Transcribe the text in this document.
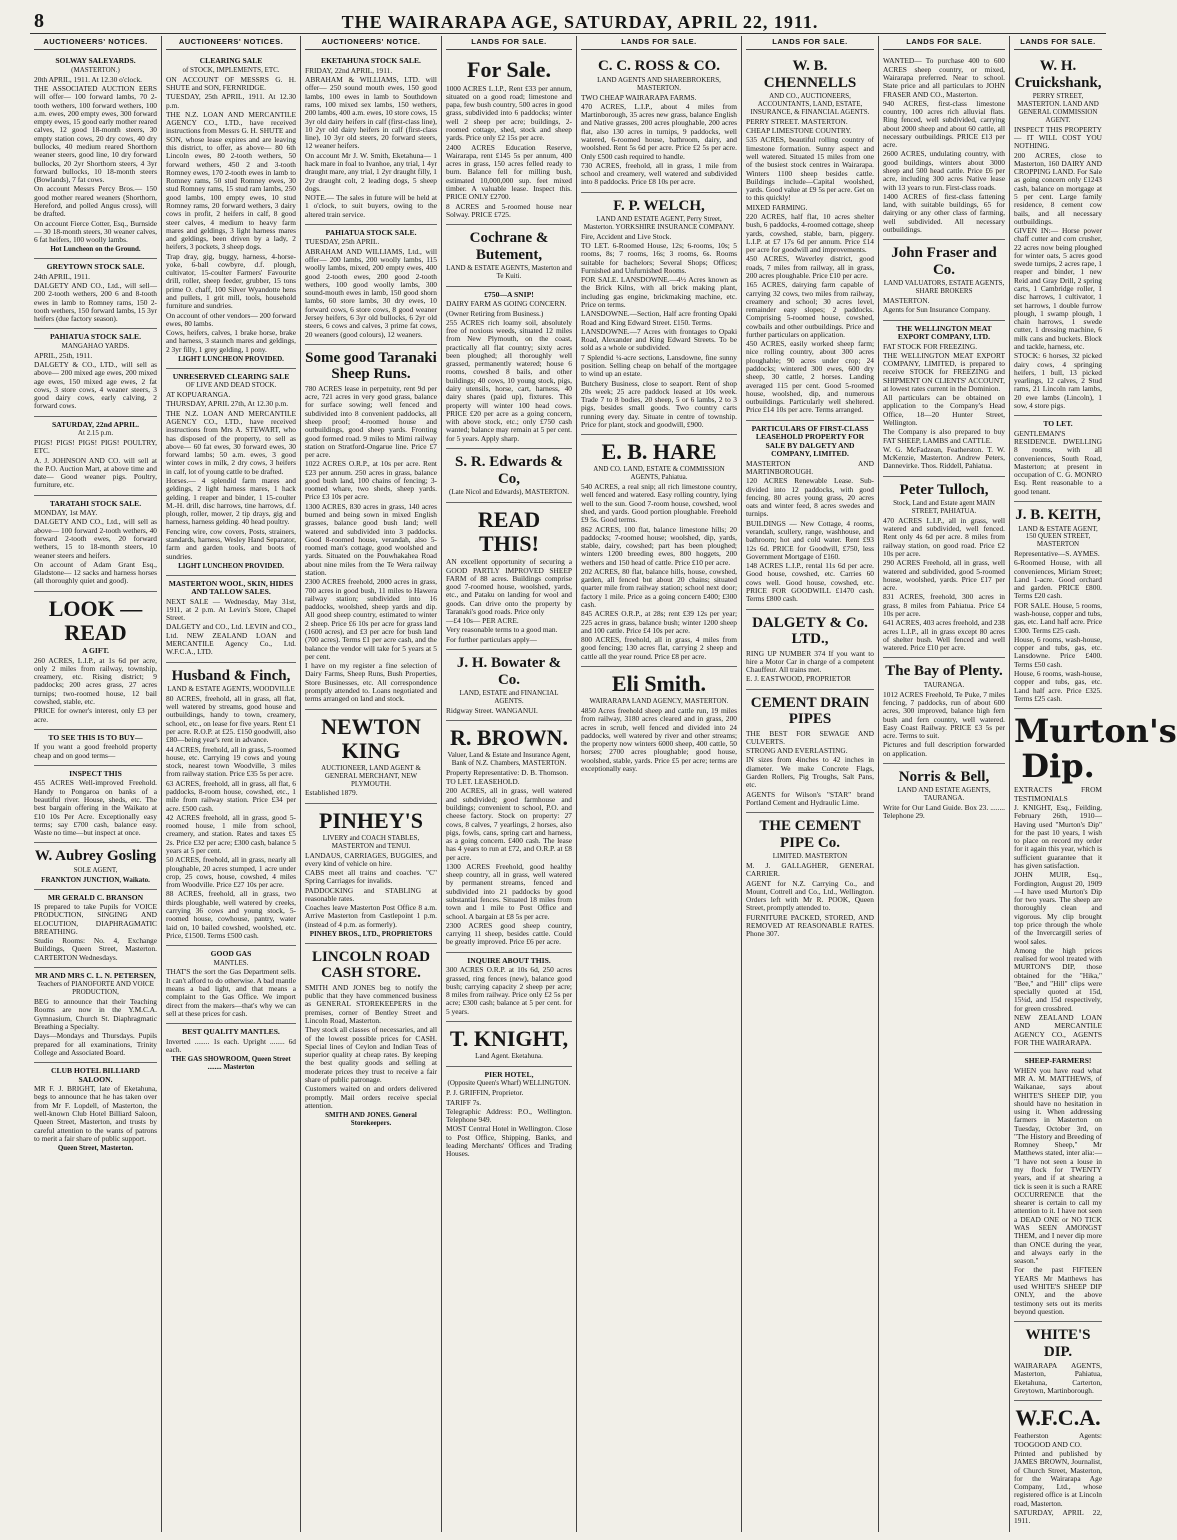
8	THE WAIRARAPA AGE, SATURDAY, APRIL 22, 1911.
AUCTIONEERS' NOTICES.
SOLWAY SALEYARDS.
(MASTERTON.)
20th APRIL, 1911. At 12.30 o'clock.
THE ASSOCIATED AUCTION EERS will offer— 100 forward lambs, 70 2-tooth wethers, 100 forward wethers, 100 a.m. ewes, 200 empty ewes, 300 forward empty ewes, 15 good early mother reared calves, 12 good 18-month steers, 30 empty station cows, 20 dry cows, 40 dry bullocks, 40 medium reared Shorthorn weaner steers, good line, 10 dry forward bullocks, 20 2yr Shorthorn steers, 4 3yr forward bullocks, 10 18-month steers (Bowlands), 7 fat cows.
On account Messrs Percy Bros.— 150 good mother reared weaners (Shorthorn, Hereford, and polled Angus cross), will be drafted.
On account Fierce Cotter, Esq., Burnside— 30 18-month steers, 30 weaner calves, 6 fat heifers, 100 woolly lambs.
Hot Luncheon on the Ground.
GREYTOWN STOCK SALE.
24th APRIL, 1911.
DALGETY AND CO., Ltd., will sell— 200 2-tooth wethers, 200 6 and 8-tooth ewes in lamb to Romney rams, 150 2-tooth wethers, 150 forward lambs, 15 3yr heifers (due factory season).
PAHIATUA STOCK SALE.
MANGAHAO YARDS.
APRIL, 25th, 1911.
DALGETY & CO., LTD., will sell as above— 200 mixed age ewes, 200 mixed age ewes, 150 mixed age ewes, 2 fat cows, 3 store cows, 4 weaner steers, 3 good dairy cows, early calving, 2 forward cows.
SATURDAY, 22nd APRIL.
At 2.15 p.m.
PIGS! PIGS! PIGS! PIGS! POULTRY, ETC.
A. J. JOHNSON AND CO. will sell at the P.O. Auction Mart, at above time and date— Good weaner pigs. Poultry, furniture, etc.
TARATAHI STOCK SALE.
MONDAY, 1st MAY.
DALGETY AND CO., Ltd., will sell as above— 100 forward 2-tooth wethers, 40 forward 2-tooth ewes, 20 forward wethers, 15 to 18-month steers, 10 weaner steers and heifers.
On account of Adam Grant Esq., Gladstone— 12 sacks and harness horses (all thoroughly quiet and good).
LOOK — READ
A GIFT.
260 ACRES, L.I.P., at 1s 6d per acre, only 2 miles from railway, township, creamery, etc. Rising district; 9 paddocks; 200 acres grass, 27 acres turnips; two-roomed house, 12 bail cowshed, stable, etc.
PRICE for owner's interest, only £3 per acre.
TO SEE THIS IS TO BUY—
If you want a good freehold property cheap and on good terms—
INSPECT THIS
455 ACRES Well-improved Freehold. Handy to Pongaroa on banks of a beautiful river. House, sheds, etc. The best bargain offering in the Waikato at £10 10s Per Acre. Exceptionally easy terms; say £700 cash, balance easy. Waste no time—but inspect at once.
W. Aubrey Gosling
SOLE AGENT,
FRANKTON JUNCTION, Waikato.
MR GERALD C. BRANSON
IS prepared to take Pupils for VOICE PRODUCTION, SINGING AND ELOCUTION, DIAPHRAGMATIC BREATHING.
Studio Rooms: No. 4, Exchange Buildings, Queen Street, Masterton. CARTERTON Wednesdays.
MR AND MRS C. L. N. PETERSEN,
Teachers of PIANOFORTE AND VOICE PRODUCTION,
BEG to announce that their Teaching Rooms are now in the Y.M.C.A. Gymnasium, Church St. Diaphragmatic Breathing a Specialty.
Days—Mondays and Thursdays. Pupils prepared for all examinations, Trinity College and Associated Board.
CLUB HOTEL BILLIARD SALOON.
MR F. J. BRIGHT, late of Eketahuna, begs to announce that he has taken over from Mr F. Lopdell, of Masterton, the well-known Club Hotel Billiard Saloon, Queen Street, Masterton, and trusts by careful attention to the wants of patrons to merit a fair share of public support.
Queen Street, Masterton.
AUCTIONEERS' NOTICES.
CLEARING SALE
of STOCK, IMPLEMENTS, ETC.
ON ACCOUNT OF MESSRS G. H. SHUTE and SON, FERNRIDGE.
TUESDAY, 25th APRIL, 1911. At 12.30 p.m.
THE N.Z. LOAN AND MERCANTILE AGENCY CO., LTD., have received instructions from Messrs G. H. SHUTE and SON, whose lease expires and are leaving this district, to offer, as above— 80 6th Lincoln ewes, 80 2-tooth wethers, 50 forward wethers, 450 2 and 3-tooth Romney ewes, 170 2-tooth ewes in lamb to Romney rams, 50 stud Romney ewes, 30 stud Romney rams, 15 stud ram lambs, 250 good lambs, 100 empty ewes, 10 stud Romney rams, 20 forward wethers, 3 dairy cows in profit, 2 heifers in calf, 8 good steer calves, 4 medium to heavy farm mares and geldings, 3 light harness mares and geldings, been driven by a lady, 2 heifers, 3 pockets, 3 sheep dogs.
Trap dray, gig, buggy, harness, 4-horse-yoke, 6-ball cowbyre, d.f. plough, cultivator, 15-coulter Farmers' Favourite drill, roller, sheep feeder, grubber, 15 tons prime O. chaff, 100 Silver Wyandotte hens and pullets, 1 grit mill, tools, household furniture and sundries.
On account of other vendors— 200 forward ewes, 80 lambs.
Cows, heifers, calves, 1 brake horse, brake and harness, 3 staunch mares and geldings, 2 3yr filly, 1 grey gelding, 1 pony.
LIGHT LUNCHEON PROVIDED.
UNRESERVED CLEARING SALE
OF LIVE AND DEAD STOCK.
AT KOPUARANGA.
THURSDAY, APRIL 27th, At 12.30 p.m.
THE N.Z. LOAN AND MERCANTILE AGENCY CO., LTD., have received instructions from Mrs A. STEWART, who has disposed of the property, to sell as above— 60 fat ewes, 30 forward ewes, 30 forward lambs; 50 a.m. ewes, 3 good winter cows in milk, 2 dry cows, 3 heifers in calf, lot of young cattle to be drafted.
Horses.— 4 splendid farm mares and geldings, 2 light harness mares, 1 hack gelding, 1 reaper and binder, 1 15-coulter M.-H. drill, disc harrows, tine harrows, d.f. plough, roller, mower, 2 tip drays, gig and harness, harness gelding. 40 head poultry.
Fencing wire, cow covers, Posts, strainers, standards, harness, Wesley Hand Separator, farm and garden tools, and boots of sundries.
LIGHT LUNCHEON PROVIDED.
MASTERTON WOOL, SKIN, HIDES AND TALLOW SALES.
NEXT SALE — Wednesday, May 31st, 1911, at 2 p.m. At Levin's Store, Chapel Street.
DALGETY and CO., Ltd. LEVIN and CO., Ltd. NEW ZEALAND LOAN and MERCANTILE Agency Co., Ltd. W.F.C.A., LTD.
Husband & Finch,
LAND & ESTATE AGENTS, WOODVILLE
80 ACRES, freehold, all in grass, all flat, well watered by streams, good house and outbuildings, handy to town, creamery, school, etc., on lease for five years. Rent £1 per acre. R.O.P. at £25. £150 goodwill, also £80—being year's rent in advance.
44 ACRES, freehold, all in grass, 5-roomed house, etc. Carrying 19 cows and young stock, nearest town Woodville, 3 miles from railway station. Price £35 5s per acre.
63 ACRES, freehold, all in grass, all flat, 6 paddocks, 8-room house, cowshed, etc., 1 mile from railway station. Price £34 per acre. £500 cash.
42 ACRES freehold, all in grass, good 5-roomed house, 1 mile from school, creamery, and station. Rates and taxes £5 2s. Price £32 per acre; £300 cash, balance 5 years at 5 per cent.
50 ACRES, freehold, all in grass, nearly all ploughable, 20 acres stumped, 1 acre under crop, 25 cows, house, cowshed, 4 miles from Woodville. Price £27 10s per acre.
88 ACRES, freehold, all in grass, two thirds ploughable, well watered by creeks, carrying 36 cows and young stock, 5-roomed house, cowhouse, pantry, water laid on, 10 bailed cowshed, woolshed, etc. Price, £1500. Terms £500 cash.
GOOD GAS
MANTLES.
THAT'S the sort the Gas Department sells. It can't afford to do otherwise. A bad mantle means a bad light, and that means a complaint to the Gas Office. We import direct from the makers—that's why we can sell at these prices for cash.
BEST QUALITY MANTLES.
Inverted ........ 1s each. Upright ........ 6d each.
THE GAS SHOWROOM, Queen Street ........ Masterton
AUCTIONEERS' NOTICE.
EKETAHUNA STOCK SALE.
FRIDAY, 22nd APRIL, 1911.
ABRAHAM & WILLIAMS, LTD. will offer— 250 sound mouth ewes, 150 good lambs, 100 ewes in lamb to Southdown rams, 100 mixed sex lambs, 150 wethers, 200 lambs, 400 a.m. ewes, 10 store cows, 15 3yr old dairy heifers in calf (first-class line), 10 2yr old dairy heifers in calf (first-class line), 10 3yr old steers, 20 forward steers, 12 weaner heifers.
On account Mr J. W. Smith, Eketahuna— 1 hack mare in foal to Ivanhoe, any trial, 1 4yr draught mare, any trial, 1 2yr draught filly, 1 2yr draught colt, 2 leading dogs, 5 sheep dogs.
NOTE.— The sales in future will be held at 1 o'clock, to suit buyers, owing to the altered train service.
PAHIATUA STOCK SALE.
TUESDAY, 25th APRIL.
ABRAHAM AND WILLIAMS, Ltd., will offer— 200 lambs, 200 woolly lambs, 115 woolly lambs, mixed, 200 empty ewes, 400 good 2-tooth ewes, 200 good 2-tooth wethers, 100 good woolly lambs, 300 sound-mouth ewes in lamb, 150 good shorn lambs, 60 store lambs, 30 dry ewes, 10 forward cows, 6 store cows, 8 good weaner Jersey heifers, 6 3yr old bullocks, 6 2yr old steers, 6 cows and calves, 3 prime fat cows, 20 weaners (good colours), 12 weaners.
Some good Taranaki Sheep Runs.
780 ACRES lease in perpetuity, rent 9d per acre, 721 acres in very good grass, balance for surface sowing; well fenced and subdivided into 8 convenient paddocks, all sheep proof; 4-roomed house and outbuildings, good sheep yards. Fronting good formed road. 9 miles to Mimi railway station on Stratford-Ongarue line. Price £7 per acre.
1022 ACRES O.R.P., at 10s per acre. Rent £23 per annum. 250 acres in grass, balance good bush land, 100 chains of fencing; 3-roomed whare, two sheds, sheep yards. Price £3 10s per acre.
1300 ACRES, 830 acres in grass, 140 acres burned and being sown in mixed English grasses, balance good bush land; well watered and subdivided into 3 paddocks. Good 8-roomed house, verandah, also 5-roomed man's cottage, good woolshed and yards. Situated on the Pouwhakahea Road about nine miles from the Te Wera railway station.
2300 ACRES freehold, 2000 acres in grass, 700 acres in good bush, 11 miles to Hawera railway station; subdivided into 16 paddocks, woolshed, sheep yards and dip. All good sheep country, estimated to winter 2 sheep. Price £6 10s per acre for grass land (1600 acres), and £3 per acre for bush land (700 acres). Terms £1 per acre cash, and the balance the vendor will take for 5 years at 5 per cent.
I have on my register a fine selection of Dairy Farms, Sheep Runs, Bush Properties, Store Businesses, etc. All correspondence promptly attended to. Loans negotiated and terms arranged on land and stock.
NEWTON KING
AUCTIONEER, LAND AGENT & GENERAL MERCHANT, NEW PLYMOUTH.
Established 1879.
PINHEY'S
LIVERY and COACH STABLES, MASTERTON and TENUI.
LANDAUS, CARRIAGES, BUGGIES, and every kind of vehicle on hire.
CABS meet all trains and coaches. "C" Spring Carriages for invalids.
PADDOCKING and STABLING at reasonable rates.
Coaches leave Masterton Post Office 8 a.m. Arrive Masterton from Castlepoint 1 p.m. (instead of 4 p.m. as formerly).
PINHEY BROS., LTD., PROPRIETORS
LINCOLN ROAD CASH STORE.
SMITH AND JONES beg to notify the public that they have commenced business as GENERAL STOREKEEPERS in the premises, corner of Bentley Street and Lincoln Road, Masterton.
They stock all classes of necessaries, and all of the lowest possible prices for CASH. Special lines of Ceylon and Indian Teas of superior quality at cheap rates. By keeping the best quality goods and selling at moderate prices they trust to receive a fair share of public patronage.
Customers waited on and orders delivered promptly. Mail orders receive special attention.
SMITH AND JONES. General Storekeepers.
LANDS FOR SALE.
For Sale.
1000 ACRES L.I.P., Rent £33 per annum, situated on a good road; limestone and papa, few bush country, 500 acres in good grass, subdivided into 6 paddocks; winter well 2 sheep per acre; buildings, 2-roomed cottage, shed, stock and sheep yards. Price only £2 15s per acre.
2400 ACRES Education Reserve, Wairarapa, rent £145 5s per annum, 400 acres in grass, 150 acres felled ready to burn. Balance fell for milling bush, estimated 10,000,000 sup. feet mixed timber. A valuable lease. Inspect this. PRICE ONLY £2700.
8 ACRES and 5-roomed house near Solway. PRICE £725.
Cochrane & Butement,
LAND & ESTATE AGENTS, Masterton and Te Kuiti.
£750—A SNIP!
DAIRY FARM AS GOING CONCERN.
(Owner Retiring from Business.)
255 ACRES rich loamy soil, absolutely free of noxious weeds, situated 12 miles from New Plymouth, on the coast, practically all flat country; sixty acres been ploughed; all thoroughly well grassed, permanently watered; house 6 rooms, cowshed 8 bails, and other buildings; 40 cows, 10 young stock, pigs, dairy utensils, horse, cart, harness, 40 dairy shares (paid up), fixtures. This property will winter 100 head cows. PRICE £20 per acre as a going concern, with above stock, etc.; only £750 cash wanted; balance may remain at 5 per cent. for 5 years. Apply sharp.
S. R. Edwards & Co,
(Late Nicol and Edwards), MASTERTON.
READ THIS!
AN excellent opportunity of securing a GOOD PARTLY IMPROVED SHEEP FARM of 88 acres. Buildings comprise good 7-roomed house, woolshed, yards, etc., and Pataku on landing for wool and goods. Can drive onto the property by Taranaki's good roads. Price only
—£4 10s— PER ACRE.
Very reasonable terms to a good man.
For further particulars apply—
J. H. Bowater & Co.
LAND, ESTATE and FINANCIAL AGENTS.
Ridgway Street. WANGANUI.
R. BROWN.
Valuer, Land & Estate and Insurance Agent, Bank of N.Z. Chambers, MASTERTON.
Property Representative: D. B. Thomson.
TO LET. LEASEHOLD.
200 ACRES, all in grass, well watered and subdivided; good farmhouse and buildings; convenient to school, P.O. and cheese factory. Stock on property: 27 cows, 8 calves, 7 yearlings, 2 horses, also pigs, fowls, cans, spring cart and harness, as a going concern. £400 cash. The lease has 4 years to run at £72, and O.R.P. at £8 per acre.
1300 ACRES Freehold, good healthy sheep country, all in grass, well watered by permanent streams, fenced and subdivided into 21 paddocks by good substantial fences. Situated 18 miles from town and 1 mile to Post Office and school. A bargain at £8 5s per acre.
2300 ACRES good sheep country, carrying 11 sheep, besides cattle. Could be greatly improved. Price £6 per acre.
INQUIRE ABOUT THIS.
300 ACRES O.R.P. at 10s 6d, 250 acres grassed, ring fences (new), balance good bush; carrying capacity 2 sheep per acre; 8 miles from railway. Price only £2 5s per acre; £300 cash; balance at 5 per cent. for 5 years.
T. KNIGHT,
Land Agent. Eketahuna.
PIER HOTEL,
(Opposite Queen's Wharf) WELLINGTON.
P. J. GRIFFIN, Proprietor.
TARIFF 7s.
Telegraphic Address: P.O., Wellington. Telephone 949.
MOST Central Hotel in Wellington. Close to Post Office, Shipping, Banks, and leading Merchants' Offices and Trading Houses.
LANDS FOR SALE.
C. C. ROSS & CO.
LAND AGENTS AND SHAREBROKERS, MASTERTON.
TWO CHEAP WAIRARAPA FARMS.
470 ACRES, L.I.P., about 4 miles from Martinborough, 35 acres new grass, balance English and Native grasses, 200 acres ploughable, 200 acres flat, also 130 acres in turnips, 9 paddocks, well watered, 6-roomed house, bathroom, dairy, and woolshed. Rent 5s 6d per acre. Price £2 5s per acre. Only £500 cash required to handle.
730 ACRES, freehold, all in grass, 1 mile from school and creamery, well watered and subdivided into 8 paddocks. Price £8 10s per acre.
F. P. WELCH,
LAND AND ESTATE AGENT, Perry Street, Masterton. YORKSHIRE INSURANCE COMPANY.
Fire, Accident and Live Stock.
TO LET. 6-Roomed House, 12s; 6-rooms, 10s; 5 rooms, 8s; 7 rooms, 16s; 3 rooms, 6s. Rooms suitable for bachelors; Several Shops; Offices; Furnished and Unfurnished Rooms.
FOR SALE. LANSDOWNE.—4½ Acres known as the Brick Kilns, with all brick making plant, including gas engine, brickmaking machine, etc. Price on terms.
LANSDOWNE.—Section, Half acre fronting Opaki Road and King Edward Street. £150. Terms.
LANSDOWNE.—7 Acres with frontages to Opaki Road, Alexander and King Edward Streets. To be sold as a whole or subdivided.
7 Splendid ¼-acre sections, Lansdowne, fine sunny position. Selling cheap on behalf of the mortgagee to wind up an estate.
Butchery Business, close to seaport. Rent of shop 20s week; 25 acre paddock leased at 10s week. Trade 7 to 8 bodies, 20 sheep, 5 or 6 lambs, 2 to 3 pigs, besides small goods. Two country carts running every day. Situate in centre of township. Price for plant, stock and goodwill, £900.
E. B. HARE
AND CO. LAND, ESTATE & COMMISSION AGENTS, Pahiatua.
540 ACRES, a real snip; all rich limestone country, well fenced and watered. Easy rolling country, lying well to the sun. Good 7-room house, cowshed, wool shed, and yards. Good portion ploughable. Freehold £9 5s. Good terms.
862 ACRES, 100 flat, balance limestone hills; 20 paddocks; 7-roomed house; woolshed, dip, yards, stable, dairy, cowshed; part has been ploughed; winters 1200 breeding ewes, 800 hoggets, 200 wethers and 150 head of cattle. Price £10 per acre.
202 ACRES, 80 flat, balance hills, house, cowshed, garden, all fenced but about 20 chains; situated quarter mile from railway station; school next door; factory 1 mile. Price as a going concern £400; £300 cash.
845 ACRES O.R.P., at 28s; rent £39 12s per year; 225 acres in grass, balance bush; winter 1200 sheep and 100 cattle. Price £4 10s per acre.
800 ACRES, freehold, all in grass, 4 miles from good fencing; 130 acres flat, carrying 2 sheep and cattle all the year round. Price £8 per acre.
Eli Smith.
WAIRARAPA LAND AGENCY, MASTERTON.
4850 Acres freehold sheep and cattle run, 19 miles from railway, 3180 acres cleared and in grass, 200 acres in scrub, well fenced and divided into 24 paddocks, well watered by river and other streams; the property now winters 6000 sheep, 400 cattle, 50 horses; 2700 acres ploughable; good house, woolshed, stable, yards. Price £5 per acre; terms are exceptionally easy.
LANDS FOR SALE.
W. B. CHENNELLS
AND CO., AUCTIONEERS, ACCOUNTANTS, LAND, ESTATE, INSURANCE, & FINANCIAL AGENTS.
PERRY STREET. MASTERTON.
CHEAP LIMESTONE COUNTRY.
535 ACRES, beautiful rolling country of limestone formation. Sunny aspect and well watered. Situated 15 miles from one of the busiest stock centres in Wairarapa. Winters 1100 sheep besides cattle. Buildings include—Capital woolshed, yards. Good value at £9 5s per acre. Get on to this quickly!
MIXED FARMING.
220 ACRES, half flat, 10 acres shelter bush, 6 paddocks, 4-roomed cottage, sheep yards, cowshed, stable, barn, piggery. L.I.P. at £7 17s 6d per annum. Price £14 per acre for goodwill and improvements.
450 ACRES, Waverley district, good roads, 7 miles from railway, all in grass, 200 acres ploughable. Price £10 per acre.
165 ACRES, dairying farm capable of carrying 32 cows, two miles from railway, creamery and school; 30 acres level, remainder easy slopes; 2 paddocks. Comprising 5-roomed house, cowshed, cowbails and other outbuildings. Price and further particulars on application.
450 ACRES, easily worked sheep farm; nice rolling country, about 300 acres ploughable; 90 acres under crop; 24 paddocks; wintered 300 ewes, 600 dry sheep, 30 cattle, 2 horses. Landing averaged 115 per cent. Good 5-roomed house, woolshed, dip, and numerous outbuildings. Particularly well sheltered. Price £14 10s per acre. Terms arranged.
PARTICULARS OF FIRST-CLASS LEASEHOLD PROPERTY FOR SALE BY DALGETY AND COMPANY, LIMITED.
MASTERTON AND MARTINBOROUGH.
120 ACRES Renewable Lease. Sub-divided into 12 paddocks, with good fencing, 80 acres young grass, 20 acres oats and winter feed, 8 acres swedes and turnips.
BUILDINGS — New Cottage, 4 rooms, verandah, scullery, range, washhouse, and bathroom; hot and cold water. Rent £93 12s 6d. PRICE for Goodwill, £750, less Government Mortgage of £160.
148 ACRES L.I.P., rental 11s 6d per acre. Good house, cowshed, etc. Carries 60 cows well. Good house, cowshed, etc. PRICE FOR GOODWILL £1470 cash. Terms £800 cash.
DALGETY & Co. LTD.,
RING UP NUMBER 374 If you want to hire a Motor Car in charge of a competent Chauffeur. All trains met.
E. J. EASTWOOD, PROPRIETOR
CEMENT DRAIN PIPES
THE BEST FOR SEWAGE AND CULVERTS.
STRONG AND EVERLASTING.
IN sizes from 4inches to 42 inches in diameter. We make Concrete Flags, Garden Rollers, Pig Troughs, Salt Pans, etc.
AGENTS for Wilson's "STAR" brand Portland Cement and Hydraulic Lime.
THE CEMENT PIPE Co.
LIMITED. MASTERTON
M. J. GALLAGHER, GENERAL CARRIER.
AGENT for N.Z. Carrying Co., and Mount, Cottrell and Co., Ltd., Wellington. Orders left with Mr R. POOK, Queen Street, promptly attended to.
FURNITURE PACKED, STORED, AND REMOVED AT REASONABLE RATES. Phone 307.
LANDS FOR SALE.
WANTED— To purchase 400 to 600 ACRES sheep country, or mixed, Wairarapa preferred. Near to school. State price and all particulars to JOHN FRASER AND CO., Masterton.
940 ACRES, first-class limestone country, 100 acres rich alluvial flats. Ring fenced, well subdivided, carrying about 2000 sheep and about 60 cattle, all necessary outbuildings. PRICE £13 per acre.
2600 ACRES, undulating country, with good buildings, winters about 3000 sheep and 500 head cattle. Price £6 per acre, including 300 acres Native lease with 13 years to run. First-class roads.
1400 ACRES of first-class fattening land, with suitable buildings, 65 for dairying or any other class of farming, well subdivided. All necessary outbuildings.
John Fraser and Co.
LAND VALUATORS, ESTATE AGENTS, SHARE BROKERS
MASTERTON.
Agents for Sun Insurance Company.
THE WELLINGTON MEAT EXPORT COMPANY, LTD.
FAT STOCK FOR FREEZING.
THE WELLINGTON MEAT EXPORT COMPANY, LIMITED, is prepared to receive STOCK for FREEZING and SHIPMENT ON CLIENTS' ACCOUNT, at lowest rates current in the Dominion.
All particulars can be obtained on application to the Company's Head Office, 18—20 Hunter Street, Wellington.
The Company is also prepared to buy FAT SHEEP, LAMBS and CATTLE.
W. G. McFadzean, Featherston. T. W. McKenzie, Masterton. Andrew Peters, Dannevirke. Thos. Riddell, Pahiatua.
Peter Tulloch,
Stock, Land and Estate agent MAIN STREET, PAHIATUA.
470 ACRES L.I.P., all in grass, well watered and subdivided, well fenced. Rent only 4s 6d per acre. 8 miles from railway station, on good road. Price £2 10s per acre.
290 ACRES Freehold, all in grass, well watered and subdivided, good 5-roomed house, woolshed, yards. Price £17 per acre.
831 ACRES, freehold, 300 acres in grass, 8 miles from Pahiatua. Price £4 10s per acre.
641 ACRES, 403 acres freehold, and 238 acres L.I.P., all in grass except 80 acres of shelter bush. Well fenced and well watered. Price £10 per acre.
The Bay of Plenty.
TAURANGA.
1012 ACRES Freehold, Te Puke, 7 miles fencing, 7 paddocks, run of about 600 acres, 300 improved, balance high fern bush and fern country, well watered. Easy Coast Railway. PRICE £3 5s per acre. Terms to suit.
Pictures and full description forwarded on application.
Norris & Bell,
LAND AND ESTATE AGENTS, TAURANGA.
Write for Our Land Guide. Box 23. ........ Telephone 29.
LANDS FOR SALE.
W. H. Cruickshank,
PERRY STREET, MASTERTON. LAND AND GENERAL COMMISSION AGENT.
INSPECT THIS PROPERTY— IT WILL COST YOU NOTHING.
200 ACRES, close to Masterton, 160 DAIRY AND CROPPING LAND. For Sale as going concern only £1243 cash, balance on mortgage at 5 per cent. Large family residence, 8 cement cow bails, and all necessary outbuildings.
GIVEN IN:— Horse power chaff cutter and corn crusher, 22 acres now being ploughed for winter oats, 5 acres good swede turnips, 2 acres rape, 1 reaper and binder, 1 new Reid and Gray Drill, 2 spring carts, 1 Cambridge roller, 1 disc harrows, 1 cultivator, 1 set harrows, 1 double furrow plough, 1 swamp plough, 1 chain harrows, 1 swede cutter, 1 dressing machine, 6 milk cans and buckets. Block and tackle, harness, etc.
STOCK: 6 horses, 32 picked dairy cows, 4 springing heifers, 1 bull, 13 picked yearlings, 12 calves, 2 Stud rams, 21 Lincoln ram lambs, 20 ewe lambs (Lincoln), 1 sow, 4 store pigs.
TO LET.
GENTLEMAN'S RESIDENCE. DWELLING 8 rooms, with all conveniences, South Road, Masterton; at present in occupation of C. G. MONRO Esq. Rent reasonable to a good tenant.
J. B. KEITH,
LAND & ESTATE AGENT, 150 QUEEN STREET, MASTERTON
Representative—S. AYMES.
6-Roomed House, with all conveniences, Miriam Street; Land 1-acre. Good orchard and garden. PRICE £800. Terms £20 cash.
FOR SALE. House, 5 rooms, wash-house, copper and tubs, gas, etc. Land half acre. Price £300. Terms £25 cash.
House, 6 rooms, wash-house, copper and tubs, gas, etc. Lansdowne. Price £400. Terms £50 cash.
House, 6 rooms, wash-house, copper and tubs, gas, etc. Land half acre. Price £325. Terms £25 cash.
Murton's Dip.
EXTRACTS FROM TESTIMONIALS
J. KNIGHT, Esq., Feilding, February 26th, 1910—Having used "Murton's Dip" for the past 10 years, I wish to place on record my order for it again this year, which is sufficient guarantee that it has given satisfaction.
JOHN MUIR, Esq., Fordington, August 20, 1909—I have used Murton's Dip for two years. The sheep are thoroughly clean and vigorous. My clip brought top price through the whole of the Invercargill series of wool sales.
Among the high prices realised for wool treated with MURTON'S DIP, those obtained for the "Hika," "Bee," and "Hill" clips were specially quoted at 15d, 15¼d, and 15d respectively, for green crossbred.
NEW ZEALAND LOAN AND MERCANTILE AGENCY CO., AGENTS FOR THE WAIRARAPA.
SHEEP-FARMERS!
WHEN you have read what MR A. M. MATTHEWS, of Waikanae, says about WHITE'S SHEEP DIP, you should have no hesitation in using it. When addressing farmers in Masterton on Tuesday, October 3rd, on "The History and Breeding of Romney Sheep," Mr Matthews stated, inter alia:— "I have not seen a louse in my flock for TWENTY years, and if at shearing a tick is seen it is such a RARE OCCURRENCE that the shearer is certain to call my attention to it. I have not seen a DEAD ONE or NO TICK WAS SEEN AMONGST THEM, and I never dip more than ONCE during the year, and always early in the season."
For the past FIFTEEN YEARS Mr Matthews has used WHITE'S SHEEP DIP ONLY, and the above testimony sets out its merits beyond question.
WHITE'S DIP.
WAIRARAPA AGENTS, Masterton, Pahiatua, Eketahuna, Carterton, Greytown, Martinborough.
W.F.C.A.
Featherston Agents: TOOGOOD AND CO.
Printed and published by JAMES BROWN, Journalist, of Church Street, Masterton, for the Wairarapa Age Company, Ltd., whose registered office is at Lincoln road, Masterton.
SATURDAY, APRIL 22, 1911.
